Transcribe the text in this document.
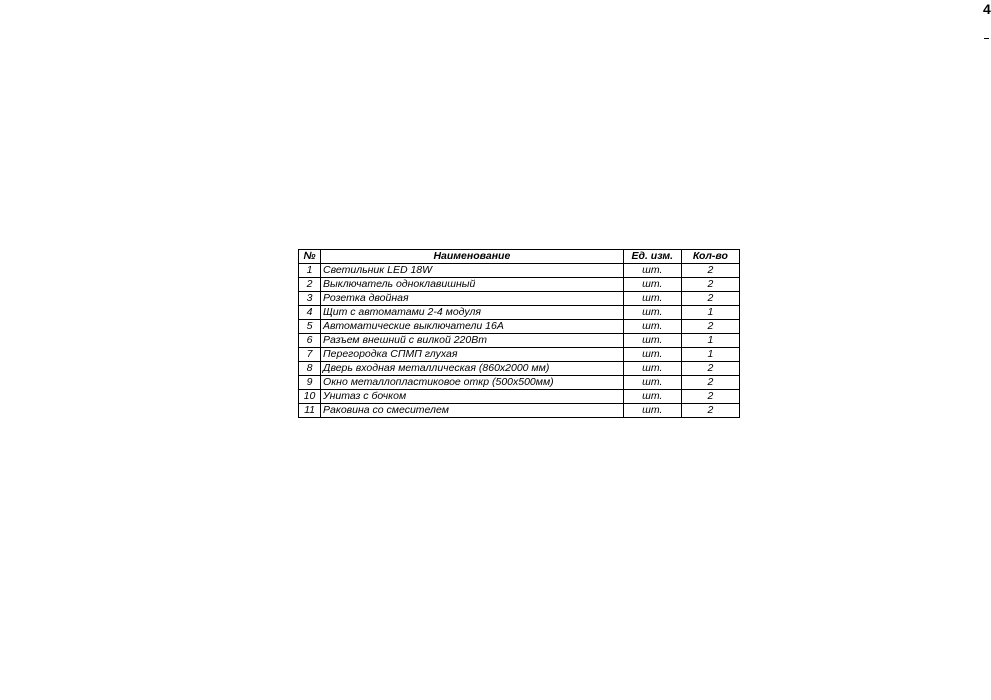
4
№	Наименование	Ед. изм.	Кол-во
1	Светильник LED 18W	шт.	2
2	Выключатель одноклавишный	шт.	2
3	Розетка двойная	шт.	2
4	Щит с автоматами 2-4 модуля	шт.	1
5	Автоматические выключатели 16А	шт.	2
6	Разъем внешний с вилкой 220Вт	шт.	1
7	Перегородка СПМП глухая	шт.	1
8	Дверь входная металлическая (860х2000 мм)	шт.	2
9	Окно металлопластиковое откр (500х500мм)	шт.	2
10	Унитаз с бочком	шт.	2
11	Раковина со смесителем	шт.	2
